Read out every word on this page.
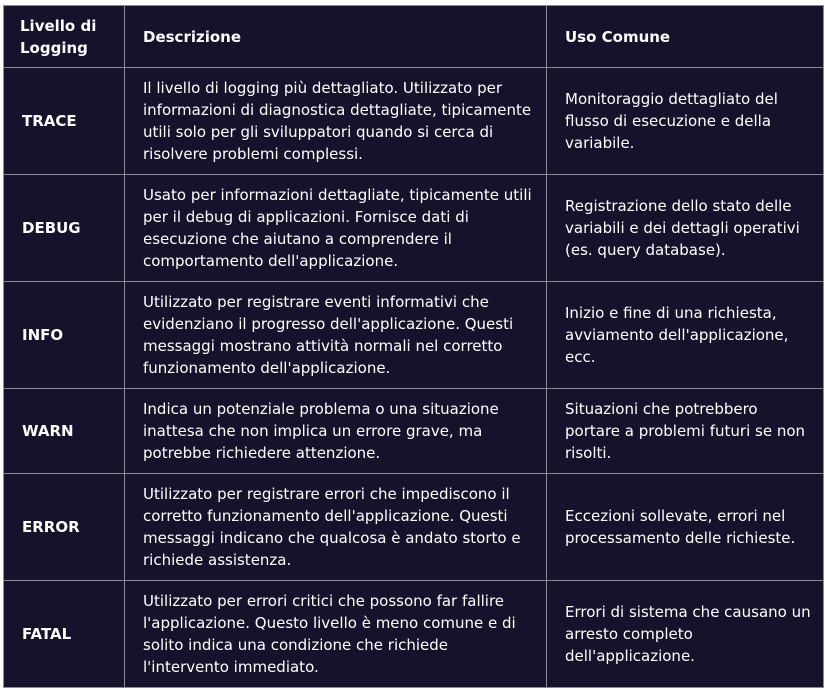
Livello di Logging	Descrizione	Uso Comune
TRACE	Il livello di logging più dettagliato. Utilizzato per informazioni di diagnostica dettagliate, tipicamente utili solo per gli sviluppatori quando si cerca di risolvere problemi complessi.	Monitoraggio dettagliato del flusso di esecuzione e della variabile.
DEBUG	Usato per informazioni dettagliate, tipicamente utili per il debug di applicazioni. Fornisce dati di esecuzione che aiutano a comprendere il comportamento dell'applicazione.	Registrazione dello stato delle variabili e dei dettagli operativi (es. query database).
INFO	Utilizzato per registrare eventi informativi che evidenziano il progresso dell'applicazione. Questi messaggi mostrano attività normali nel corretto funzionamento dell'applicazione.	Inizio e fine di una richiesta, avviamento dell'applicazione, ecc.
WARN	Indica un potenziale problema o una situazione inattesa che non implica un errore grave, ma potrebbe richiedere attenzione.	Situazioni che potrebbero portare a problemi futuri se non risolti.
ERROR	Utilizzato per registrare errori che impediscono il corretto funzionamento dell'applicazione. Questi messaggi indicano che qualcosa è andato storto e richiede assistenza.	Eccezioni sollevate, errori nel processamento delle richieste.
FATAL	Utilizzato per errori critici che possono far fallire l'applicazione. Questo livello è meno comune e di solito indica una condizione che richiede l'intervento immediato.	Errori di sistema che causano un arresto completo dell'applicazione.
